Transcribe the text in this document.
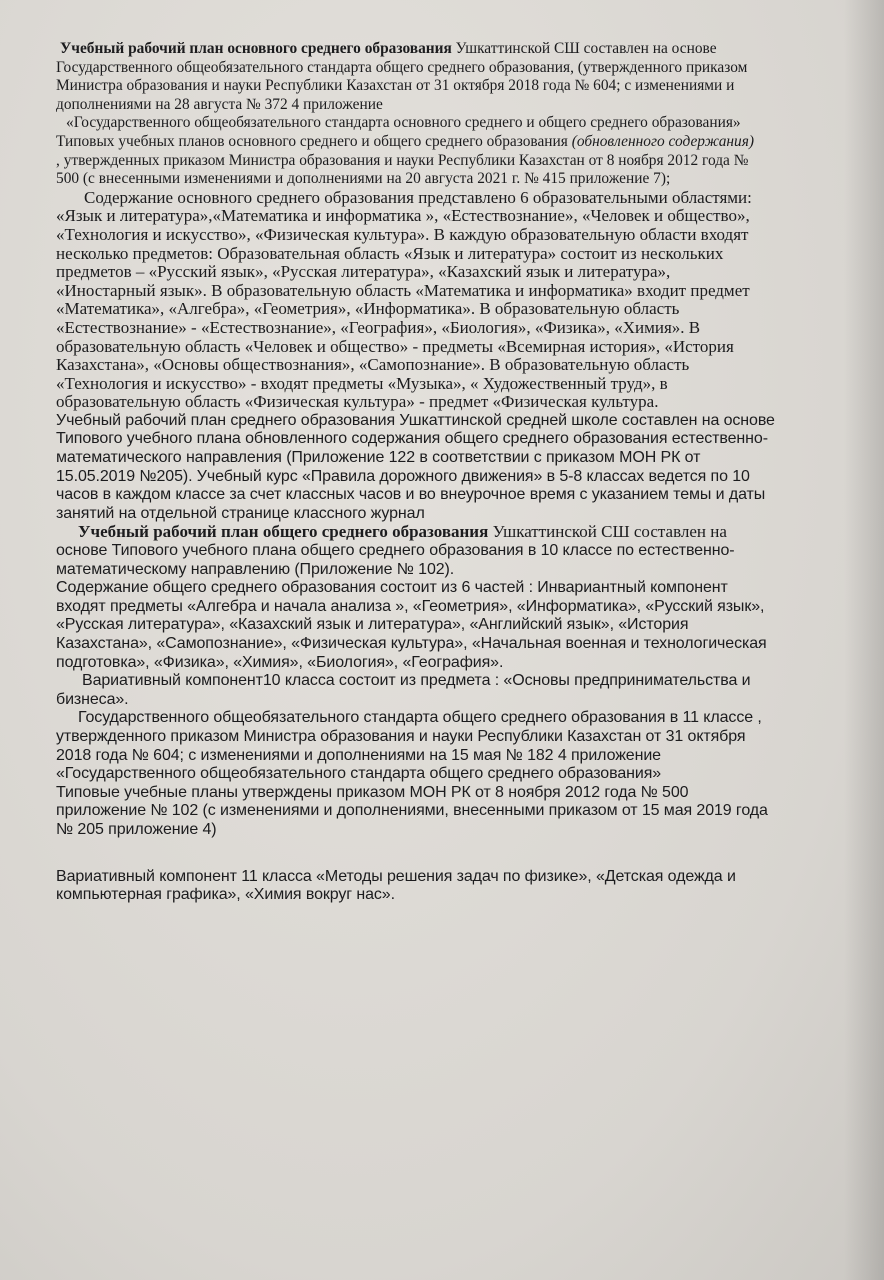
Учебный рабочий план основного среднего образования Ушкаттинской СШ составлен на основе
Государственного общеобязательного стандарта общего среднего образования, (утвержденного приказом
Министра образования и науки Республики Казахстан от 31 октября 2018 года № 604; с изменениями и
дополнениями на 28 августа № 372 4 приложение
«Государственного общеобязательного стандарта основного среднего и общего среднего образования»
Типовых учебных планов основного среднего и общего среднего образования (обновленного содержания)
, утвержденных приказом Министра образования и науки Республики Казахстан от 8 ноября 2012 года №
500 (с внесенными изменениями и дополнениями на 20 августа 2021 г. № 415 приложение 7);
Содержание основного среднего образования представлено 6 образовательными областями:
«Язык и литература»,«Математика и информатика », «Естествознание», «Человек и общество»,
«Технология и искусство», «Физическая культура». В каждую образовательную области входят
несколько предметов: Образовательная область «Язык и литература» состоит из нескольких
предметов – «Русский язык», «Русская литература», «Казахский язык и литература»,
«Иностарный язык». В образовательную область «Математика и информатика» входит предмет
«Математика», «Алгебра», «Геометрия», «Информатика». В образовательную область
«Естествознание» - «Естествознание», «География», «Биология», «Физика», «Химия». В
образовательную область «Человек и общество» - предметы «Всемирная история», «История
Казахстана», «Основы обществознания», «Самопознание». В образовательную область
«Технология и искусство» - входят предметы «Музыка», « Художественный труд», в
образовательную область «Физическая культура» - предмет «Физическая культура.
Учебный рабочий план среднего образования Ушкаттинской средней школе составлен на основе
Типового учебного плана обновленного содержания общего среднего образования естественно-
математического направления (Приложение 122 в соответствии с приказом МОН РК от
15.05.2019 №205). Учебный курс «Правила дорожного движения» в 5-8 классах ведется по 10
часов в каждом классе за счет классных часов и во внеурочное время с указанием темы и даты
занятий на отдельной странице классного журнал
Учебный рабочий план общего среднего образования Ушкаттинской СШ составлен на
основе Типового учебного плана общего среднего образования в 10 классе по естественно-
математическому направлению (Приложение № 102).
Содержание общего среднего образования состоит из 6 частей : Инвариантный компонент
входят предметы «Алгебра и начала анализа », «Геометрия», «Информатика», «Русский язык»,
«Русская литература», «Казахский язык и литература», «Английский язык», «История
Казахстана», «Самопознание», «Физическая культура», «Начальная военная и технологическая
подготовка», «Физика», «Химия», «Биология», «География».
Вариативный компонент10 класса состоит из предмета : «Основы предпринимательства и
бизнеса».
Государственного общеобязательного стандарта общего среднего образования в 11 классе ,
утвержденного приказом Министра образования и науки Республики Казахстан от 31 октября
2018 года № 604; с изменениями и дополнениями на 15 мая № 182 4 приложение
«Государственного общеобязательного стандарта общего среднего образования»
Типовые учебные планы утверждены приказом МОН РК от 8 ноября 2012 года № 500
приложение № 102 (с изменениями и дополнениями, внесенными приказом от 15 мая 2019 года
№ 205 приложение 4)
Вариативный компонент 11 класса «Методы решения задач по физике», «Детская одежда и
компьютерная графика», «Химия вокруг нас».
